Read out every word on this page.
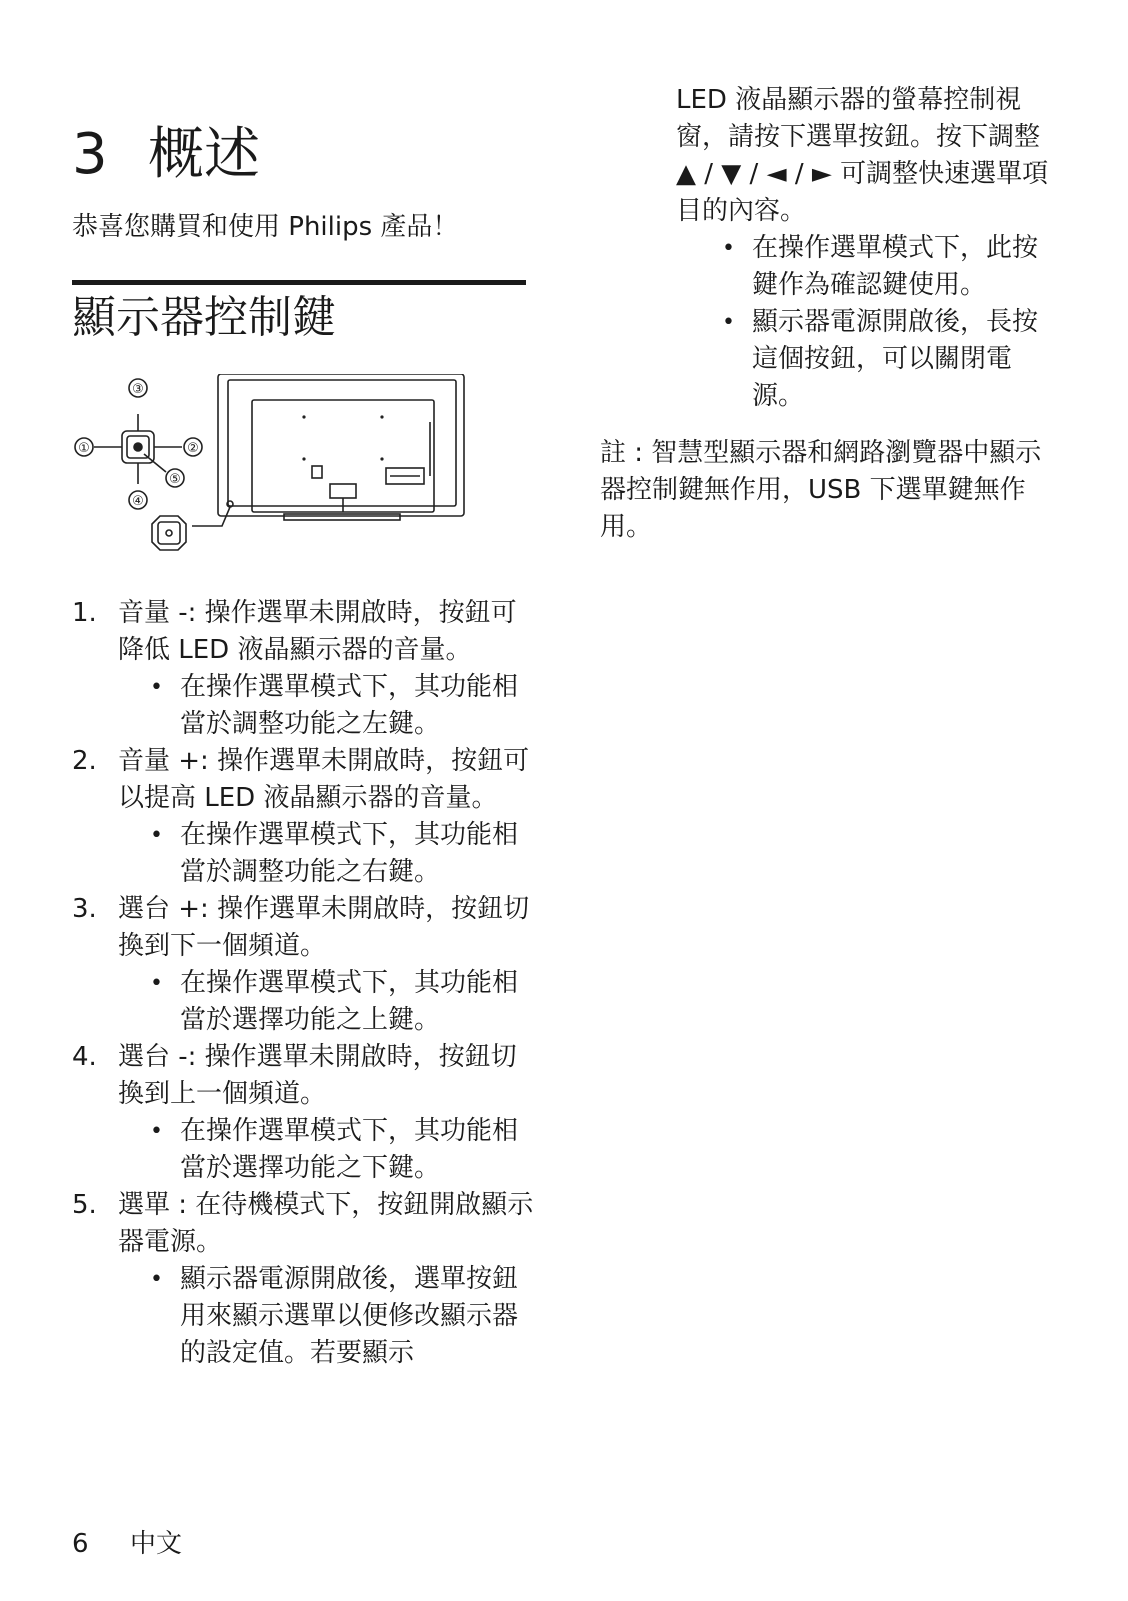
3 概述
恭喜您購買和使用 Philips 產品！
顯示器控制鍵
③
①	②
⑤
④
1. 音量 -: 操作選單未開啟時，按鈕可降低 LED 液晶顯示器的音量。
• 在操作選單模式下，其功能相當於調整功能之左鍵。
2. 音量 +: 操作選單未開啟時，按鈕可以提高 LED 液晶顯示器的音量。
• 在操作選單模式下，其功能相當於調整功能之右鍵。
3. 選台 +: 操作選單未開啟時，按鈕切換到下一個頻道。
• 在操作選單模式下，其功能相當於選擇功能之上鍵。
4. 選台 -: 操作選單未開啟時，按鈕切換到上一個頻道。
• 在操作選單模式下，其功能相當於選擇功能之下鍵。
5. 選單 : 在待機模式下，按鈕開啟顯示器電源。
• 顯示器電源開啟後，選單按鈕用來顯示選單以便修改顯示器的設定值。若要顯示
LED 液晶顯示器的螢幕控制視窗，請按下選單按鈕。按下調整 ▲ / ▼ / ◄ / ► 可調整快速選單項目的內容。
• 在操作選單模式下，此按鍵作為確認鍵使用。
• 顯示器電源開啟後，長按這個按鈕，可以關閉電源。
註 : 智慧型顯示器和網路瀏覽器中顯示器控制鍵無作用，USB 下選單鍵無作用。
6 中文
